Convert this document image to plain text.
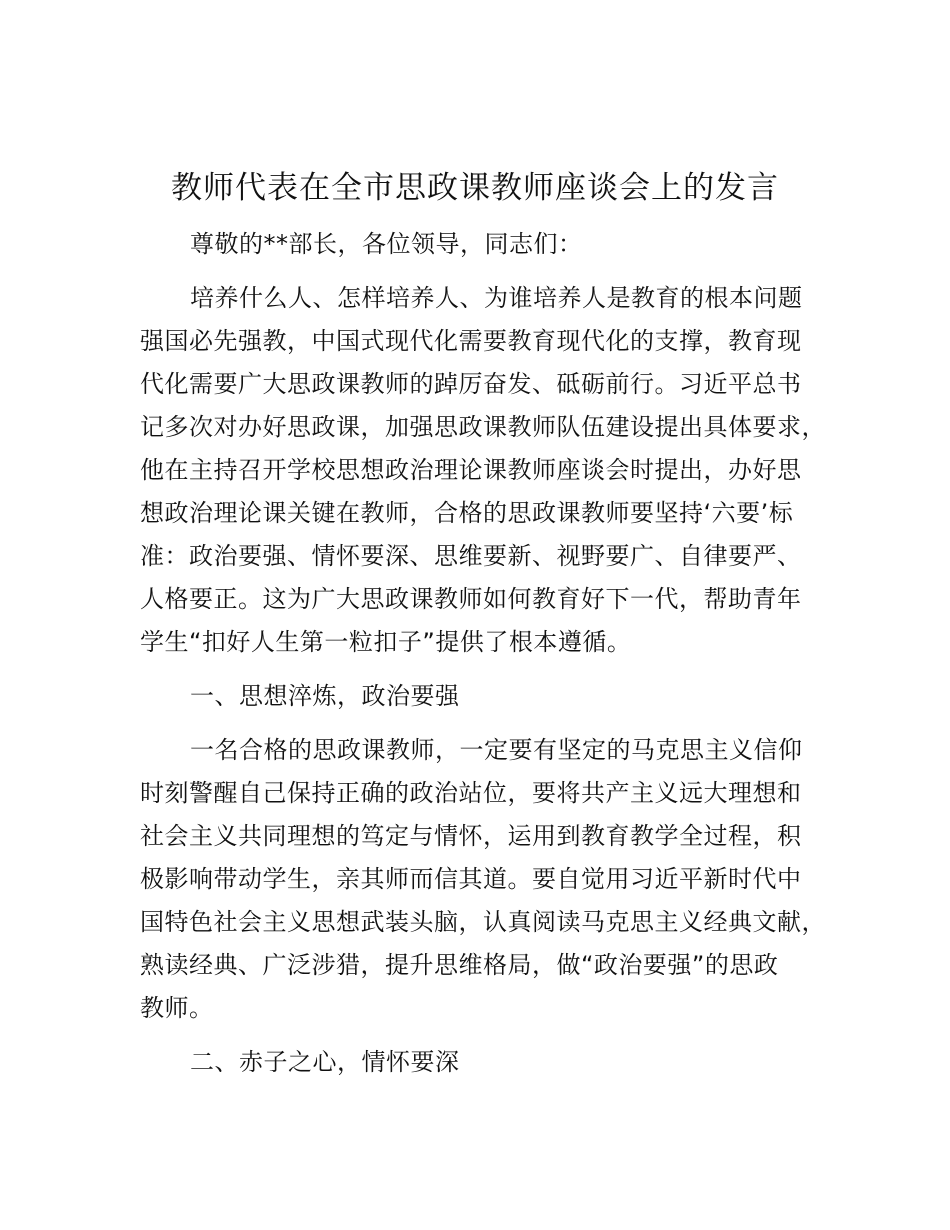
教师代表在全市思政课教师座谈会上的发言

尊敬的**部长，各位领导，同志们：

培养什么人、怎样培养人、为谁培养人是教育的根本问题

强国必先强教，中国式现代化需要教育现代化的支撑，教育现

代化需要广大思政课教师的踔厉奋发、砥砺前行。习近平总书

记多次对办好思政课，加强思政课教师队伍建设提出具体要求，

他在主持召开学校思想政治理论课教师座谈会时提出，办好思

想政治理论课关键在教师，合格的思政课教师要坚持‘六要’标

准：政治要强、情怀要深、思维要新、视野要广、自律要严、

人格要正。这为广大思政课教师如何教育好下一代，帮助青年

学生“扣好人生第一粒扣子”提供了根本遵循。

一、思想淬炼，政治要强

一名合格的思政课教师，一定要有坚定的马克思主义信仰

时刻警醒自己保持正确的政治站位，要将共产主义远大理想和

社会主义共同理想的笃定与情怀，运用到教育教学全过程，积

极影响带动学生，亲其师而信其道。要自觉用习近平新时代中

国特色社会主义思想武装头脑，认真阅读马克思主义经典文献，

熟读经典、广泛涉猎，提升思维格局，做“政治要强”的思政

教师。

二、赤子之心，情怀要深
